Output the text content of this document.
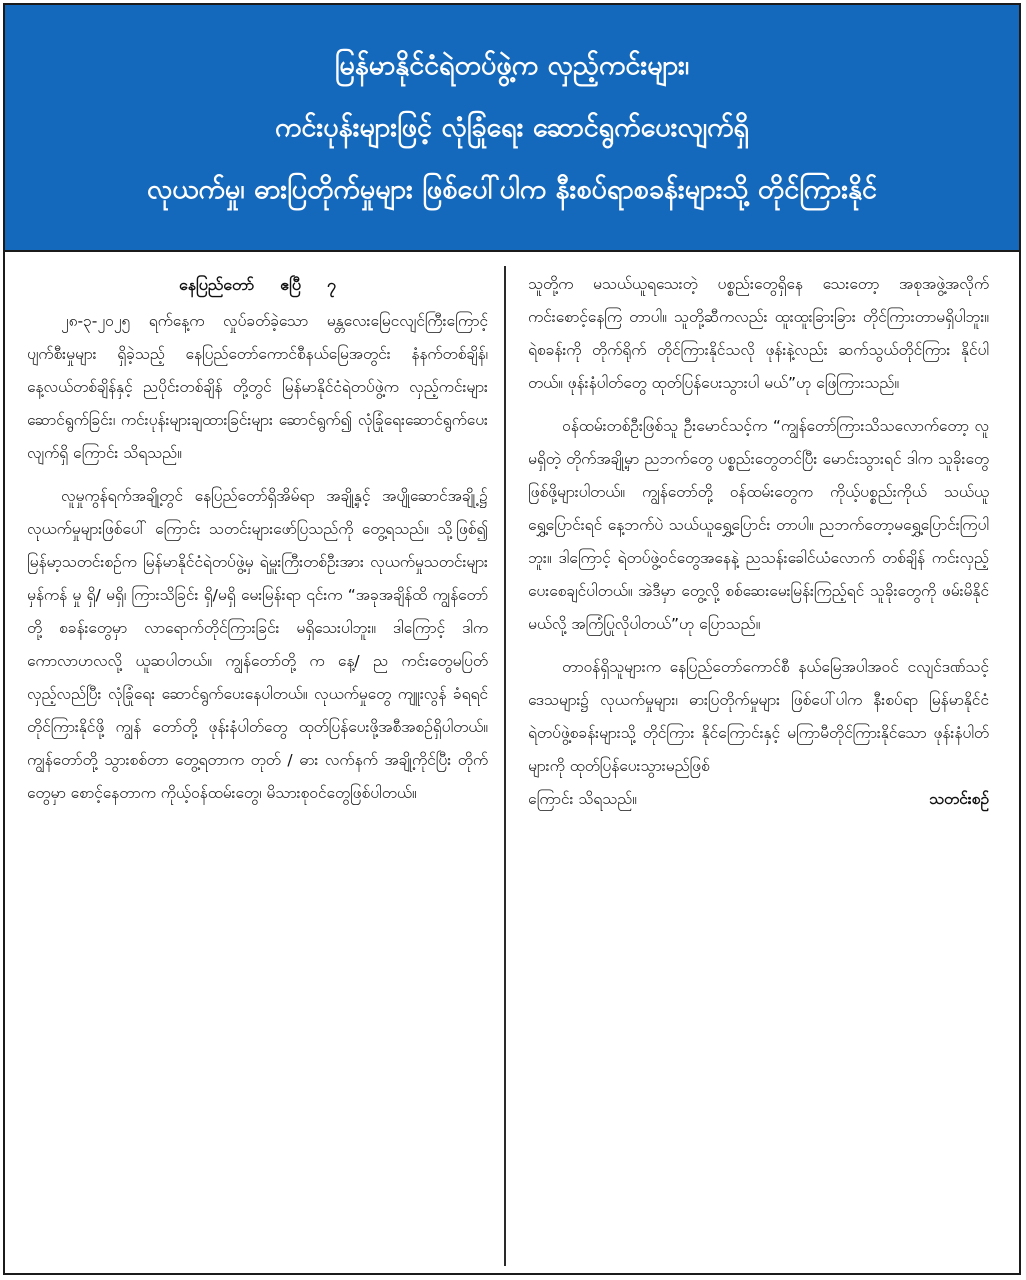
မြန်မာနိုင်ငံရဲတပ်ဖွဲ့က လှည့်ကင်းများ၊
ကင်းပုန်းများဖြင့် လုံခြုံရေး ဆောင်ရွက်ပေးလျက်ရှိ
လုယက်မှု၊ ဓားပြတိုက်မှုများ ဖြစ်ပေါ်ပါက နီးစပ်ရာစခန်းများသို့ တိုင်ကြားနိုင်
နေပြည်တော် ဧပြီ ၇

၂၈-၃-၂၀၂၅ ရက်နေ့က လှုပ်ခတ်ခဲ့သော မန္တလေးမြေငလျင်ကြီးကြောင့် ပျက်စီးမှုများ ရှိခဲ့သည့် နေပြည်တော်ကောင်စီနယ်မြေအတွင်း နံနက်တစ်ချိန်၊ နေ့လယ်တစ်ချိန်နှင့် ညပိုင်းတစ်ချိန် တို့တွင် မြန်မာနိုင်ငံရဲတပ်ဖွဲ့က လှည့်ကင်းများ ဆောင်ရွက်ခြင်း၊ ကင်းပုန်းများချထားခြင်းများ ဆောင်ရွက်၍ လုံခြုံရေးဆောင်ရွက်ပေးလျက်ရှိ ကြောင်း သိရသည်။

လူမှုကွန်ရက်အချို့တွင် နေပြည်တော်ရှိအိမ်ရာ အချို့နှင့် အပျိုဆောင်အချို့၌ လုယက်မှုများဖြစ်ပေါ် ကြောင်း သတင်းများဖော်ပြသည်ကို တွေ့ရသည်။ သို့ဖြစ်၍ မြန်မာ့သတင်းစဉ်က မြန်မာနိုင်ငံရဲတပ်ဖွဲ့မှ ရဲမှူးကြီးတစ်ဦးအား လုယက်မှုသတင်းများ မှန်ကန် မှု ရှိ/ မရှိ၊ ကြားသိခြင်း ရှိ/မရှိ မေးမြန်းရာ ၎င်းက “အခုအချိန်ထိ ကျွန်တော်တို့ စခန်းတွေမှာ လာရောက်တိုင်ကြားခြင်း မရှိသေးပါဘူး။ ဒါကြောင့် ဒါက ကောလာဟလလို့ ယူဆပါတယ်။ ကျွန်တော်တို့ က နေ့/ ည ကင်းတွေမပြတ် လှည့်လည်ပြီး လုံခြုံရေး ဆောင်ရွက်ပေးနေပါတယ်။ လုယက်မှုတွေ ကျူးလွန် ခံရရင် တိုင်ကြားနိုင်ဖို့ ကျွန် တော်တို့ ဖုန်းနံပါတ်တွေ ထုတ်ပြန်ပေးဖို့အစီအစဉ်ရှိပါတယ်။ ကျွန်တော်တို့ သွားစစ်တာ တွေ့ရတာက တုတ် / ဓား လက်နက် အချို့ကိုင်ပြီး တိုက်တွေမှာ စောင့်နေတာက ကိုယ့်ဝန်ထမ်းတွေ၊ မိသားစုဝင်တွေဖြစ်ပါတယ်။

သူတို့က မသယ်ယူရသေးတဲ့ ပစ္စည်းတွေရှိနေ သေးတော့ အစုအဖွဲ့အလိုက် ကင်းစောင့်နေကြ တာပါ။ သူတို့ဆီကလည်း ထူးထူးခြားခြား တိုင်ကြားတာမရှိပါဘူး။ ရဲစခန်းကို တိုက်ရိုက် တိုင်ကြားနိုင်သလို ဖုန်းနဲ့လည်း ဆက်သွယ်တိုင်ကြား နိုင်ပါတယ်။ ဖုန်းနံပါတ်တွေ ထုတ်ပြန်ပေးသွားပါ မယ်”ဟု ဖြေကြားသည်။

ဝန်ထမ်းတစ်ဦးဖြစ်သူ ဦးမောင်သင့်က “ကျွန်တော်ကြားသိသလောက်တော့ လူမရှိတဲ့ တိုက်အချို့မှာ ညဘက်တွေ ပစ္စည်းတွေတင်ပြီး မောင်းသွားရင် ဒါက သူခိုးတွေ ဖြစ်ဖို့များပါတယ်။ ကျွန်တော်တို့ ဝန်ထမ်းတွေက ကိုယ့်ပစ္စည်းကိုယ် သယ်ယူရွှေ့ပြောင်းရင် နေ့ဘက်ပဲ သယ်ယူရွှေ့ပြောင်း တာပါ။ ညဘက်တော့မရွှေ့ပြောင်းကြပါဘူး။ ဒါကြောင့် ရဲတပ်ဖွဲ့ဝင်တွေအနေနဲ့ ညသန်းခေါင်ယံလောက် တစ်ချိန် ကင်းလှည့်ပေးစေချင်ပါတယ်။ အဲဒီမှာ တွေ့လို့ စစ်ဆေးမေးမြန်းကြည့်ရင် သူခိုးတွေကို ဖမ်းမိနိုင်မယ်လို့ အကြံပြုလိုပါတယ်”ဟု ပြောသည်။

တာဝန်ရှိသူများက နေပြည်တော်ကောင်စီ နယ်မြေအပါအဝင် ငလျင်ဒဏ်သင့်ဒေသများ၌ လုယက်မှုများ၊ ဓားပြတိုက်မှုများ ဖြစ်ပေါ်ပါက နီးစပ်ရာ မြန်မာနိုင်ငံရဲတပ်ဖွဲ့စခန်းများသို့ တိုင်ကြား နိုင်ကြောင်းနှင့် မကြာမီတိုင်ကြားနိုင်သော ဖုန်းနံပါတ်များကို ထုတ်ပြန်ပေးသွားမည်ဖြစ်

ကြောင်း သိရသည်။	သတင်းစဉ်
